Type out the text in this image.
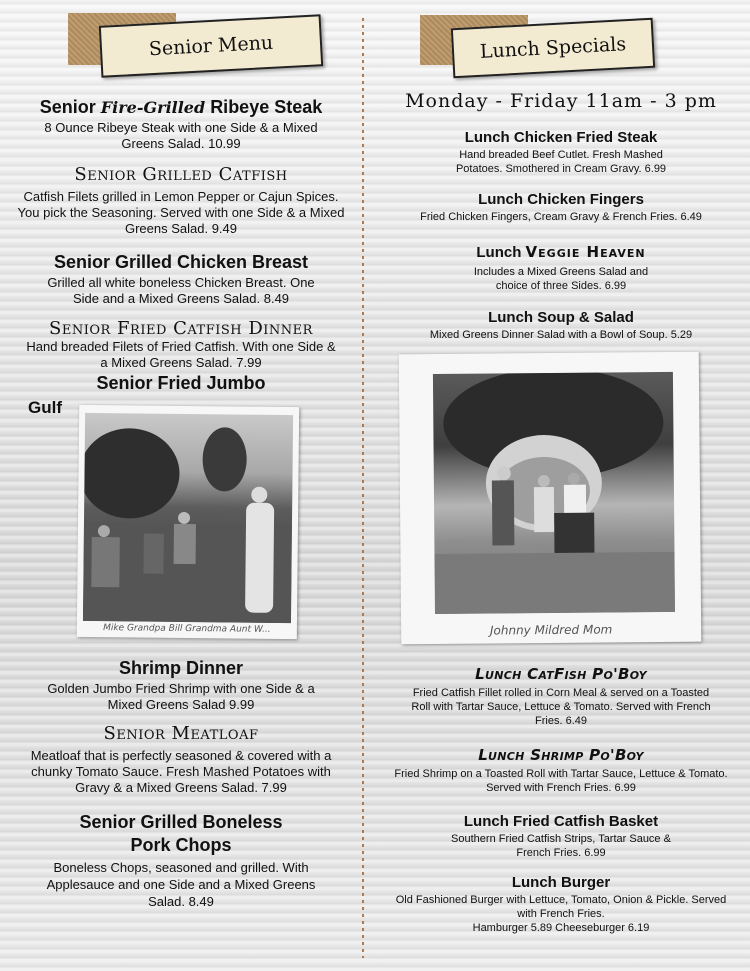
Senior Menu
Senior Fire-Grilled Ribeye Steak
8 Ounce Ribeye Steak with one Side & a Mixed Greens Salad. 10.99
Senior Grilled Catfish
Catfish Filets grilled in Lemon Pepper or Cajun Spices. You pick the Seasoning. Served with one Side & a Mixed Greens Salad. 9.49
Senior Grilled Chicken Breast
Grilled all white boneless Chicken Breast. One Side and a Mixed Greens Salad. 8.49
Senior Fried Catfish Dinner
Hand breaded Filets of Fried Catfish. With one Side & a Mixed Greens Salad. 7.99
Senior Fried Jumbo
Gulf
Mike Grandpa Bill Grandma Aunt W...
Shrimp Dinner
Golden Jumbo Fried Shrimp with one Side & a Mixed Greens Salad 9.99
Senior Meatloaf
Meatloaf that is perfectly seasoned & covered with a chunky Tomato Sauce. Fresh Mashed Potatoes with Gravy & a Mixed Greens Salad. 7.99
Senior Grilled Boneless Pork Chops
Boneless Chops, seasoned and grilled. With Applesauce and one Side and a Mixed Greens Salad. 8.49
Lunch Specials
Monday - Friday 11am - 3 pm
Lunch Chicken Fried Steak
Hand breaded Beef Cutlet. Fresh Mashed Potatoes. Smothered in Cream Gravy. 6.99
Lunch Chicken Fingers
Fried Chicken Fingers, Cream Gravy & French Fries. 6.49
Lunch Veggie Heaven
Includes a Mixed Greens Salad and choice of three Sides. 6.99
Lunch Soup & Salad
Mixed Greens Dinner Salad with a Bowl of Soup. 5.29
Johnny Mildred Mom
Lunch CatFish Po'Boy
Fried Catfish Fillet rolled in Corn Meal & served on a Toasted Roll with Tartar Sauce, Lettuce & Tomato. Served with French Fries. 6.49
Lunch Shrimp Po'Boy
Fried Shrimp on a Toasted Roll with Tartar Sauce, Lettuce & Tomato. Served with French Fries. 6.99
Lunch Fried Catfish Basket
Southern Fried Catfish Strips, Tartar Sauce & French Fries. 6.99
Lunch Burger
Old Fashioned Burger with Lettuce, Tomato, Onion & Pickle. Served with French Fries.
Hamburger 5.89 Cheeseburger 6.19
